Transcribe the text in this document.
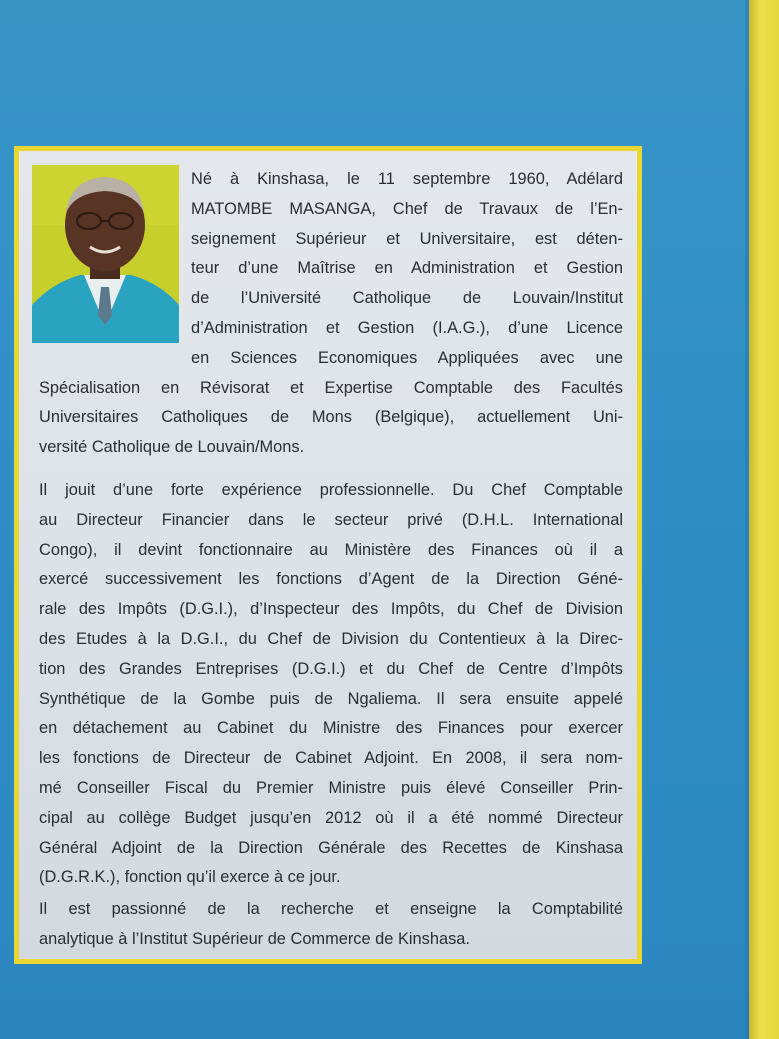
Né à Kinshasa, le 11 septembre 1960, Adélard
MATOMBE MASANGA, Chef de Travaux de l’En-
seignement Supérieur et Universitaire, est déten-
teur d’une Maîtrise en Administration et Gestion
de l’Université Catholique de Louvain/Institut
d’Administration et Gestion (I.A.G.), d’une Licence
en Sciences Economiques Appliquées avec une
Spécialisation en Révisorat et Expertise Comptable des Facultés
Universitaires Catholiques de Mons (Belgique), actuellement Uni-
versité Catholique de Louvain/Mons.
Il jouit d’une forte expérience professionnelle. Du Chef Comptable
au Directeur Financier dans le secteur privé (D.H.L. International
Congo), il devint fonctionnaire au Ministère des Finances où il a
exercé successivement les fonctions d’Agent de la Direction Géné-
rale des Impôts (D.G.I.), d’Inspecteur des Impôts, du Chef de Division
des Etudes à la D.G.I., du Chef de Division du Contentieux à la Direc-
tion des Grandes Entreprises (D.G.I.) et du Chef de Centre d’Impôts
Synthétique de la Gombe puis de Ngaliema. Il sera ensuite appelé
en détachement au Cabinet du Ministre des Finances pour exercer
les fonctions de Directeur de Cabinet Adjoint. En 2008, il sera nom-
mé Conseiller Fiscal du Premier Ministre puis élevé Conseiller Prin-
cipal au collège Budget jusqu’en 2012 où il a été nommé Directeur
Général Adjoint de la Direction Générale des Recettes de Kinshasa
(D.G.R.K.), fonction qu’il exerce à ce jour.
Il est passionné de la recherche et enseigne la Comptabilité
analytique à l’Institut Supérieur de Commerce de Kinshasa.
